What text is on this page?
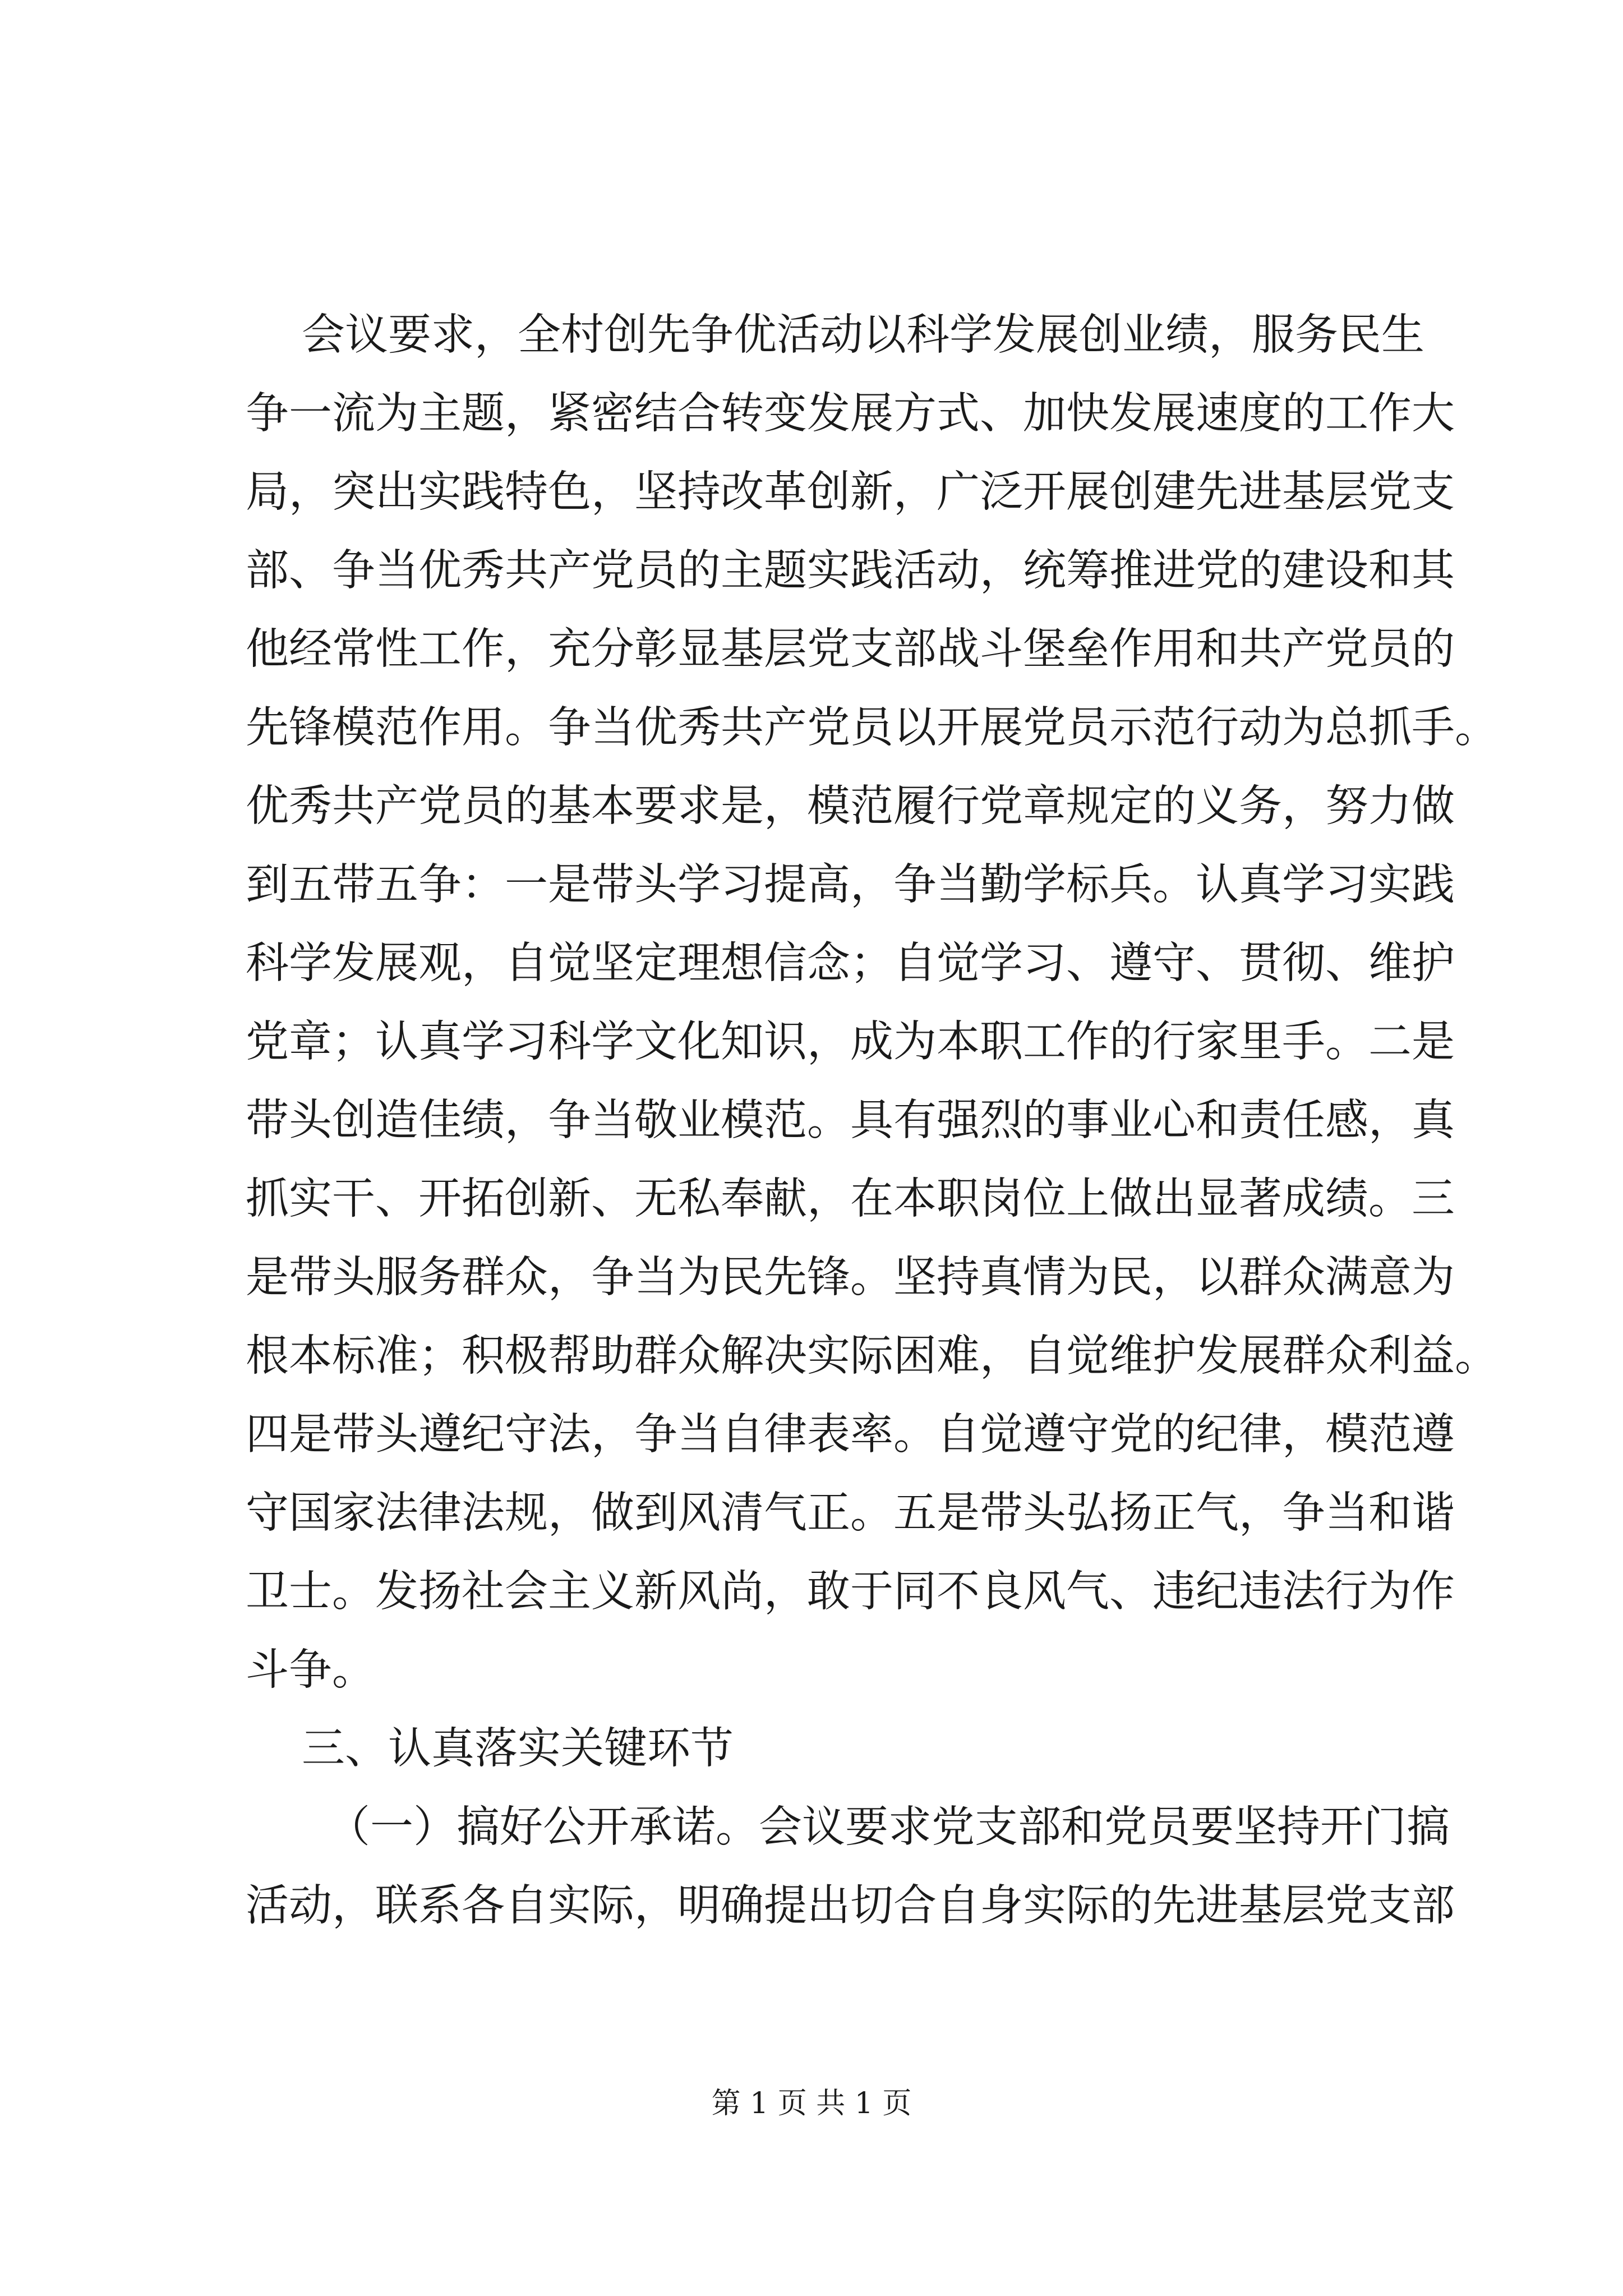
会议要求，全村创先争优活动以科学发展创业绩，服务民生
争一流为主题，紧密结合转变发展方式、加快发展速度的工作大
局，突出实践特色，坚持改革创新，广泛开展创建先进基层党支
部、争当优秀共产党员的主题实践活动，统筹推进党的建设和其
他经常性工作，充分彰显基层党支部战斗堡垒作用和共产党员的
先锋模范作用。争当优秀共产党员以开展党员示范行动为总抓手。
优秀共产党员的基本要求是，模范履行党章规定的义务，努力做
到五带五争：一是带头学习提高，争当勤学标兵。认真学习实践
科学发展观，自觉坚定理想信念；自觉学习、遵守、贯彻、维护
党章；认真学习科学文化知识，成为本职工作的行家里手。二是
带头创造佳绩，争当敬业模范。具有强烈的事业心和责任感，真
抓实干、开拓创新、无私奉献，在本职岗位上做出显著成绩。三
是带头服务群众，争当为民先锋。坚持真情为民，以群众满意为
根本标准；积极帮助群众解决实际困难，自觉维护发展群众利益。
四是带头遵纪守法，争当自律表率。自觉遵守党的纪律，模范遵
守国家法律法规，做到风清气正。五是带头弘扬正气，争当和谐
卫士。发扬社会主义新风尚，敢于同不良风气、违纪违法行为作
斗争。
三、认真落实关键环节
（一）搞好公开承诺。会议要求党支部和党员要坚持开门搞
活动，联系各自实际，明确提出切合自身实际的先进基层党支部
第 1 页 共 1 页
